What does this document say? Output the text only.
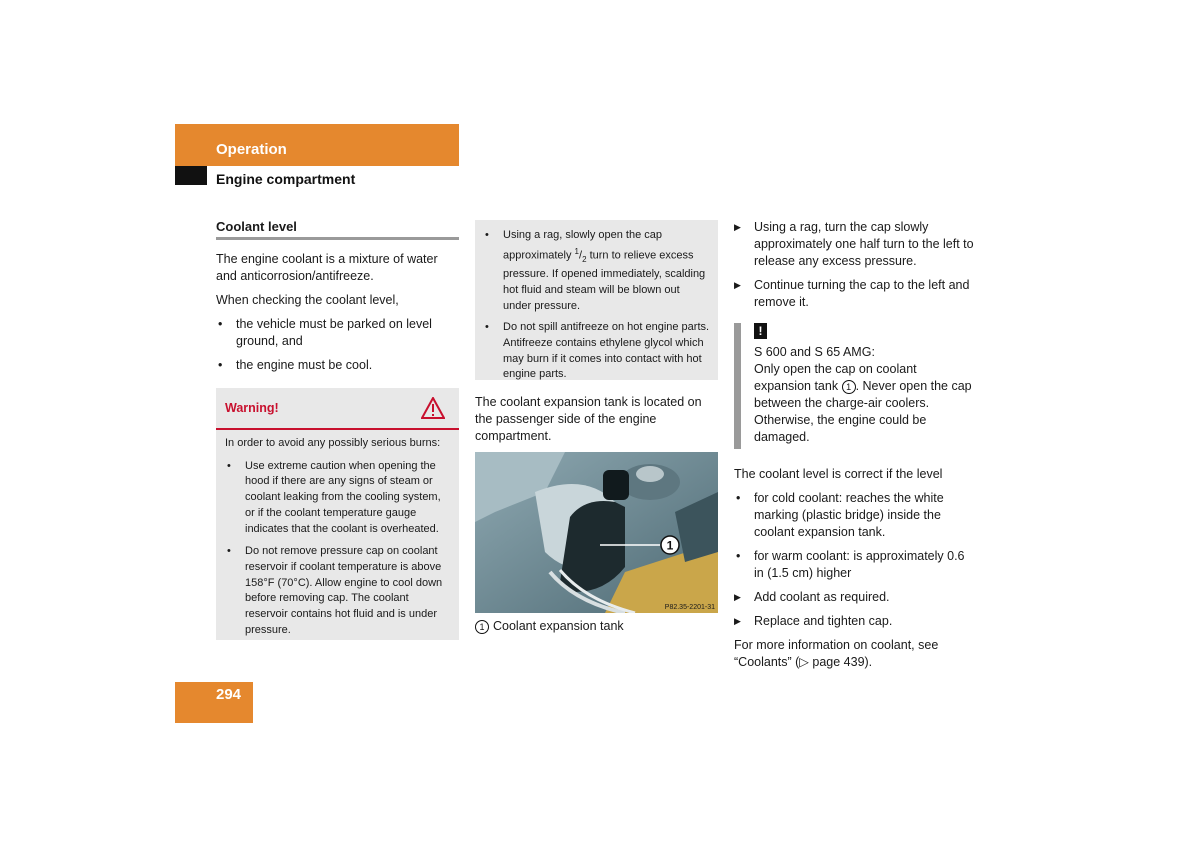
Operation
Engine compartment
Coolant level

The engine coolant is a mixture of water and anticorrosion/antifreeze.

When checking the coolant level,

• the vehicle must be parked on level ground, and
• the engine must be cool.
Warning!

In order to avoid any possibly serious burns:

• Use extreme caution when opening the hood if there are any signs of steam or coolant leaking from the cooling system, or if the coolant temperature gauge indicates that the coolant is overheated.
• Do not remove pressure cap on coolant reservoir if coolant temperature is above 158°F (70°C). Allow engine to cool down before removing cap. The coolant reservoir contains hot fluid and is under pressure.
• Using a rag, slowly open the cap approximately $^1/_2$ turn to relieve excess pressure. If opened immediately, scalding hot fluid and steam will be blown out under pressure.
• Do not spill antifreeze on hot engine parts. Antifreeze contains ethylene glycol which may burn if it comes into contact with hot engine parts.
The coolant expansion tank is located on the passenger side of the engine compartment.
1
P82.35-2201-31
1 Coolant expansion tank
▶ Using a rag, turn the cap slowly approximately one half turn to the left to release any excess pressure.
▶ Continue turning the cap to the left and remove it.
!

S 600 and S 65 AMG:

Only open the cap on coolant expansion tank 1 . Never open the cap between the charge-air coolers. Otherwise, the engine could be damaged.

The coolant level is correct if the level

• for cold coolant: reaches the white marking (plastic bridge) inside the coolant expansion tank.
• for warm coolant: is approximately 0.6 in (1.5 cm) higher
▶ Add coolant as required.
▶ Replace and tighten cap.

For more information on coolant, see “Coolants” (▷ page 439).

294
